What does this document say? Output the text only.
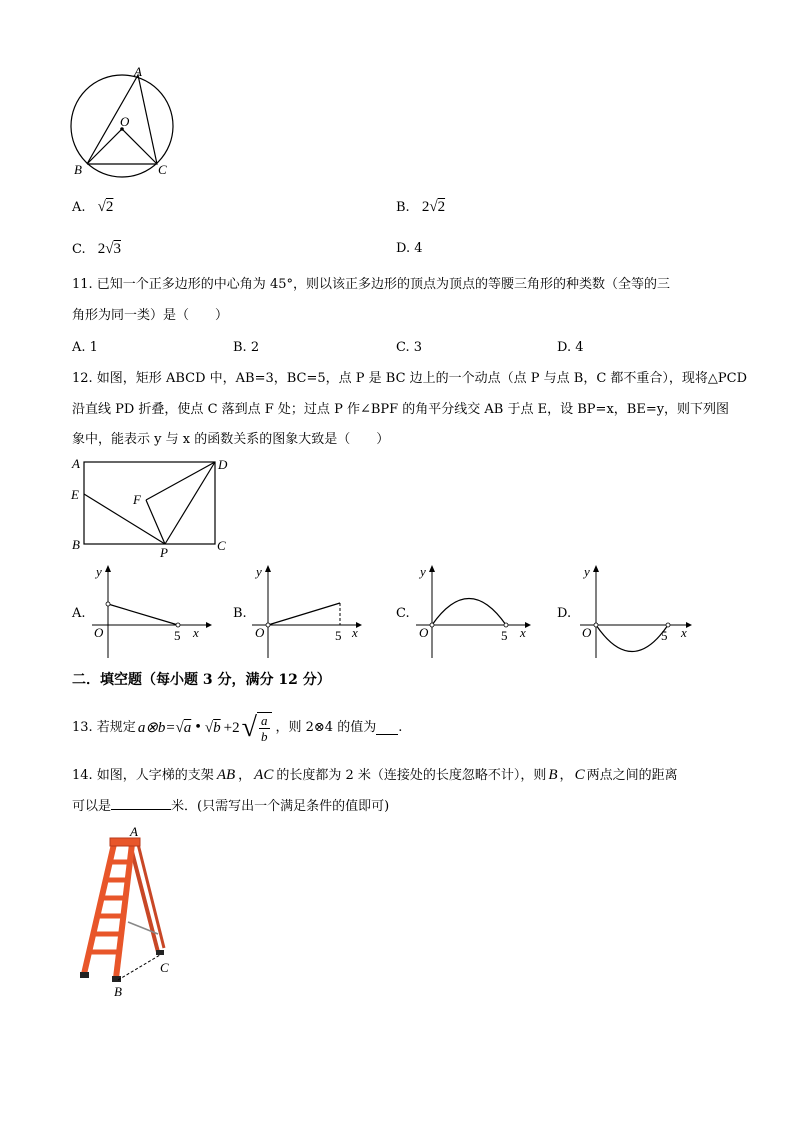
A
O
B	C
A. √2	B. 2√2
C. 2√3	D. 4
11. 已知一个正多边形的中心角为 45°，则以该正多边形的顶点为顶点的等腰三角形的种类数（全等的三
角形为同一类）是（　　）
A. 1	B. 2	C. 3	D. 4
12. 如图，矩形 ABCD 中，AB=3，BC=5，点 P 是 BC 边上的一个动点（点 P 与点 B，C 都不重合），现将△PCD
沿直线 PD 折叠，使点 C 落到点 F 处；过点 P 作∠BPF 的角平分线交 AB 于点 E，设 BP=x，BE=y，则下列图
象中，能表示 y 与 x 的函数关系的图象大致是（　　）
A	D
E	F
B	C
P
A.
y
x
O	5
B.
y
x
O	5
C.
y
x
O	5
D.
y
x
O	5
二．填空题（每小题 3 分，满分 12 分）
13. 若规定 a⊗b= √a • √b +2 √ $\frac{a}{b}$ ，则 2⊗4 的值为 .
14. 如图，人字梯的支架 AB ， AC 的长度都为 2 米（连接处的长度忽略不计），则 B ， C 两点之间的距离
可以是	米．(只需写出一个满足条件的值即可)
A
B
C
